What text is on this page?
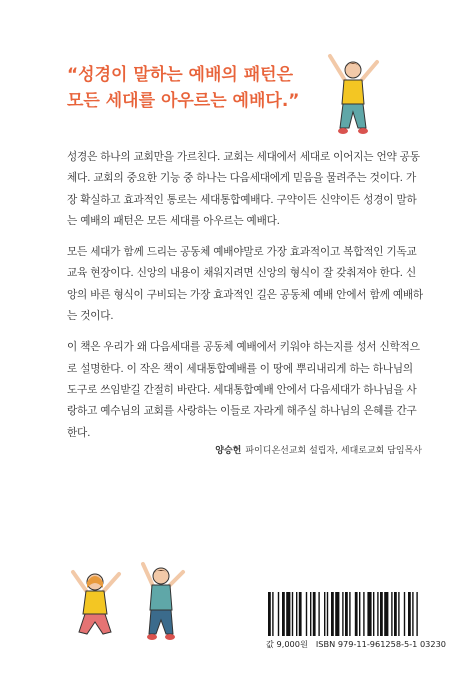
“성경이 말하는 예배의 패턴은
모든 세대를 아우르는 예배다.”

성경은 하나의 교회만을 가르친다. 교회는 세대에서 세대로 이어지는 언약 공동체다. 교회의 중요한 기능 중 하나는 다음세대에게 믿음을 물려주는 것이다. 가장 확실하고 효과적인 통로는 세대통합예배다. 구약이든 신약이든 성경이 말하는 예배의 패턴은 모든 세대를 아우르는 예배다.

모든 세대가 함께 드리는 공동체 예배야말로 가장 효과적이고 복합적인 기독교 교육 현장이다. 신앙의 내용이 채워지려면 신앙의 형식이 잘 갖춰져야 한다. 신앙의 바른 형식이 구비되는 가장 효과적인 길은 공동체 예배 안에서 함께 예배하는 것이다.

이 책은 우리가 왜 다음세대를 공동체 예배에서 키워야 하는지를 성서 신학적으로 설명한다. 이 작은 책이 세대통합예배를 이 땅에 뿌리내리게 하는 하나님의 도구로 쓰임받길 간절히 바란다. 세대통합예배 안에서 다음세대가 하나님을 사랑하고 예수님의 교회를 사랑하는 이들로 자라게 해주실 하나님의 은혜를 간구한다.

양승헌 파이디온선교회 설립자, 세대로교회 담임목사
값 9,000원 ISBN 979-11-961258-5-1 03230
